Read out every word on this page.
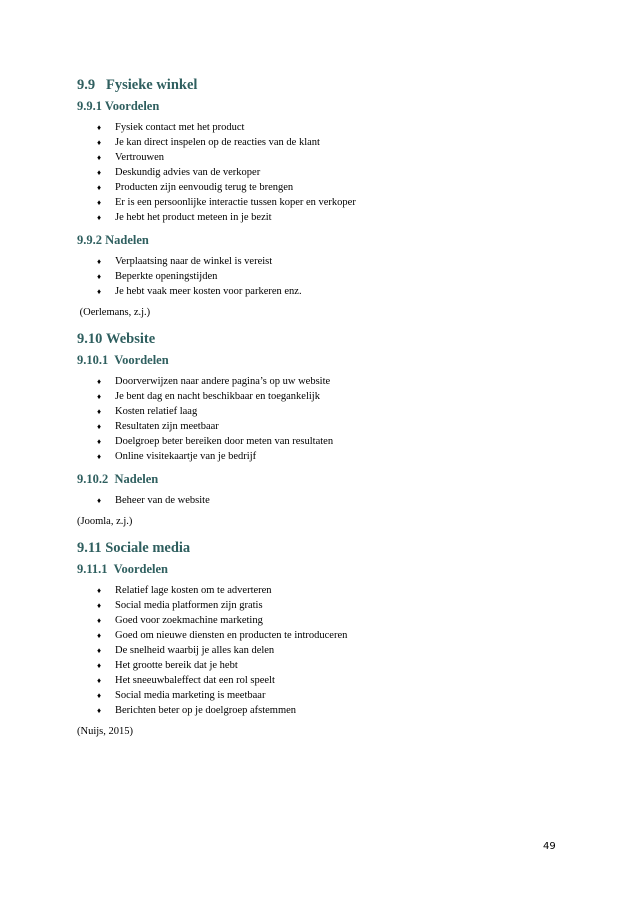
9.9 Fysieke winkel
9.9.1 Voordelen
♦ Fysiek contact met het product
♦ Je kan direct inspelen op de reacties van de klant
♦ Vertrouwen
♦ Deskundig advies van de verkoper
♦ Producten zijn eenvoudig terug te brengen
♦ Er is een persoonlijke interactie tussen koper en verkoper
♦ Je hebt het product meteen in je bezit
9.9.2 Nadelen
♦ Verplaatsing naar de winkel is vereist
♦ Beperkte openingstijden
♦ Je hebt vaak meer kosten voor parkeren enz.

(Oerlemans, z.j.)

9.10 Website
9.10.1  Voordelen
♦ Doorverwijzen naar andere pagina’s op uw website
♦ Je bent dag en nacht beschikbaar en toegankelijk
♦ Kosten relatief laag
♦ Resultaten zijn meetbaar
♦ Doelgroep beter bereiken door meten van resultaten
♦ Online visitekaartje van je bedrijf
9.10.2  Nadelen
♦ Beheer van de website

(Joomla, z.j.)

9.11 Sociale media
9.11.1  Voordelen
♦ Relatief lage kosten om te adverteren
♦ Social media platformen zijn gratis
♦ Goed voor zoekmachine marketing
♦ Goed om nieuwe diensten en producten te introduceren
♦ De snelheid waarbij je alles kan delen
♦ Het grootte bereik dat je hebt
♦ Het sneeuwbaleffect dat een rol speelt
♦ Social media marketing is meetbaar
♦ Berichten beter op je doelgroep afstemmen

(Nuijs, 2015)

49
